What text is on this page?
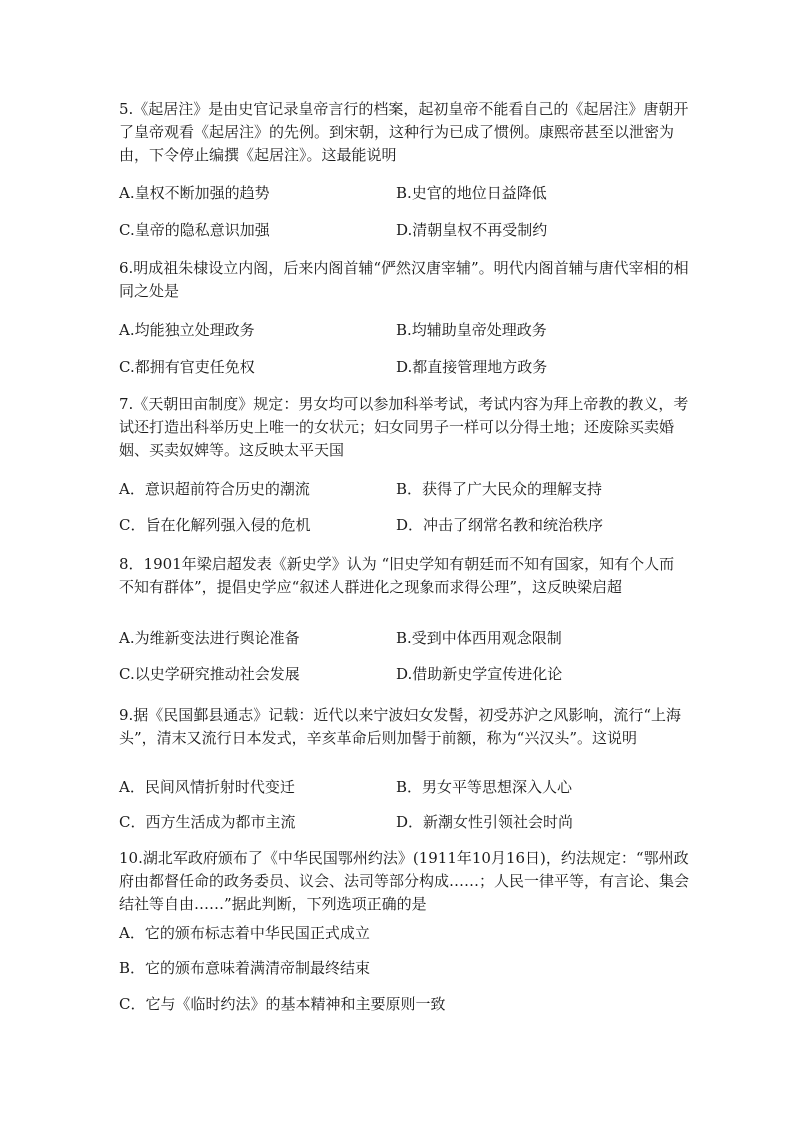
5.《起居注》是由史官记录皇帝言行的档案，起初皇帝不能看自己的《起居注》唐朝开了皇帝观看《起居注》的先例。到宋朝，这种行为已成了惯例。康熙帝甚至以泄密为由，下令停止编撰《起居注》。这最能说明

A.皇权不断加强的趋势	B.史官的地位日益降低
C.皇帝的隐私意识加强	D.清朝皇权不再受制约

6.明成祖朱棣设立内阁，后来内阁首辅“俨然汉唐宰辅”。明代内阁首辅与唐代宰相的相同之处是

A.均能独立处理政务	B.均辅助皇帝处理政务
C.都拥有官吏任免权	D.都直接管理地方政务

7.《天朝田亩制度》规定：男女均可以参加科举考试，考试内容为拜上帝教的教义，考试还打造出科举历史上唯一的女状元；妇女同男子一样可以分得土地；还废除买卖婚姻、买卖奴婢等。这反映太平天国

A．意识超前符合历史的潮流	B．获得了广大民众的理解支持
C．旨在化解列强入侵的危机	D．冲击了纲常名教和统治秩序

8．1901年梁启超发表《新史学》认为 “旧史学知有朝廷而不知有国家，知有个人而不知有群体”，提倡史学应“叙述人群进化之现象而求得公理”，这反映梁启超

A.为维新变法进行舆论准备	B.受到中体西用观念限制
C.以史学研究推动社会发展	D.借助新史学宣传进化论

9.据《民国鄞县通志》记载：近代以来宁波妇女发髻，初受苏沪之风影响，流行“上海头”，清末又流行日本发式，辛亥革命后则加髻于前额，称为“兴汉头”。这说明

A．民间风情折射时代变迁	B．男女平等思想深入人心
C．西方生活成为都市主流	D．新潮女性引领社会时尚

10.湖北军政府颁布了《中华民国鄂州约法》(1911年10月16日)，约法规定：“鄂州政府由都督任命的政务委员、议会、法司等部分构成……；人民一律平等，有言论、集会结社等自由……”据此判断，下列选项正确的是

A．它的颁布标志着中华民国正式成立
B．它的颁布意味着满清帝制最终结束
C．它与《临时约法》的基本精神和主要原则一致
